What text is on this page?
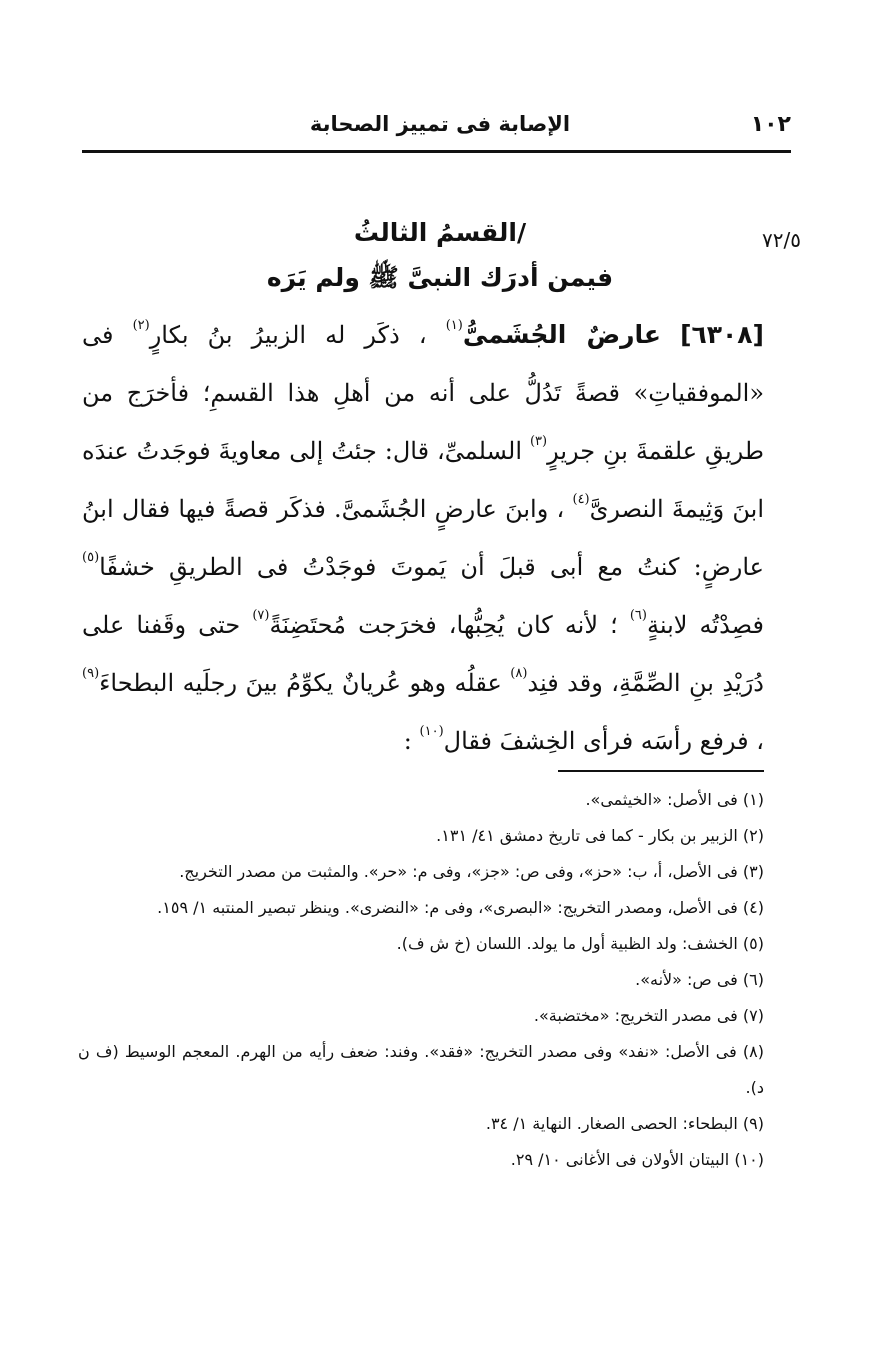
الإصابة فى تمييز الصحابة	١٠٢
٧٢/٥
/القسمُ الثالثُ
فيمن أدرَك النبىَّ ﷺ ولم يَرَه
[٦٣٠٨] عارضٌ الجُشَمىُّ$^{(١)}$ ، ذكَر له الزبيرُ بنُ بكارٍ$^{(٢)}$ فى «الموفقياتِ» قصةً تَدُلُّ على أنه من أهلِ هذا القسمِ؛ فأخرَج من طريقِ علقمةَ بنِ جريرٍ$^{(٣)}$ السلمىِّ، قال: جئتُ إلى معاويةَ فوجَدتُ عندَه ابنَ وَثِيمةَ النصرىَّ$^{(٤)}$ ، وابنَ عارضٍ الجُشَمىَّ. فذكَر قصةً فيها فقال ابنُ عارضٍ: كنتُ مع أبى قبلَ أن يَموتَ فوجَدْتُ فى الطريقِ خشفًا$^{(٥)}$ فصِدْتُه لابنةٍ$^{(٦)}$ ؛ لأنه كان يُحِبُّها، فخرَجت مُحتَضِنَةً$^{(٧)}$ حتى وقَفنا على دُرَيْدِ بنِ الصِّمَّةِ، وقد فنِد$^{(٨)}$ عقلُه وهو عُريانٌ يكوِّمُ بينَ رجلَيه البطحاءَ$^{(٩)}$ ، فرفع رأسَه فرأى الخِشفَ فقال$^{(١٠)}$ :
(١) فى الأصل: «الخيثمى».
(٢) الزبير بن بكار - كما فى تاريخ دمشق ٤١/ ١٣١.
(٣) فى الأصل، أ، ب: «حز»، وفى ص: «جز»، وفى م: «حر». والمثبت من مصدر التخريج.
(٤) فى الأصل، ومصدر التخريج: «البصرى»، وفى م: «النضرى». وينظر تبصير المنتبه ١/ ١٥٩.
(٥) الخشف: ولد الظبية أول ما يولد. اللسان (خ ش ف).
(٦) فى ص: «لأنه».
(٧) فى مصدر التخريج: «مختضبة».
(٨) فى الأصل: «نفد» وفى مصدر التخريج: «فقد». وفند: ضعف رأيه من الهرم. المعجم الوسيط (ف ن د).
(٩) البطحاء: الحصى الصغار. النهاية ١/ ٣٤.
(١٠) البيتان الأولان فى الأغانى ١٠/ ٢٩.
